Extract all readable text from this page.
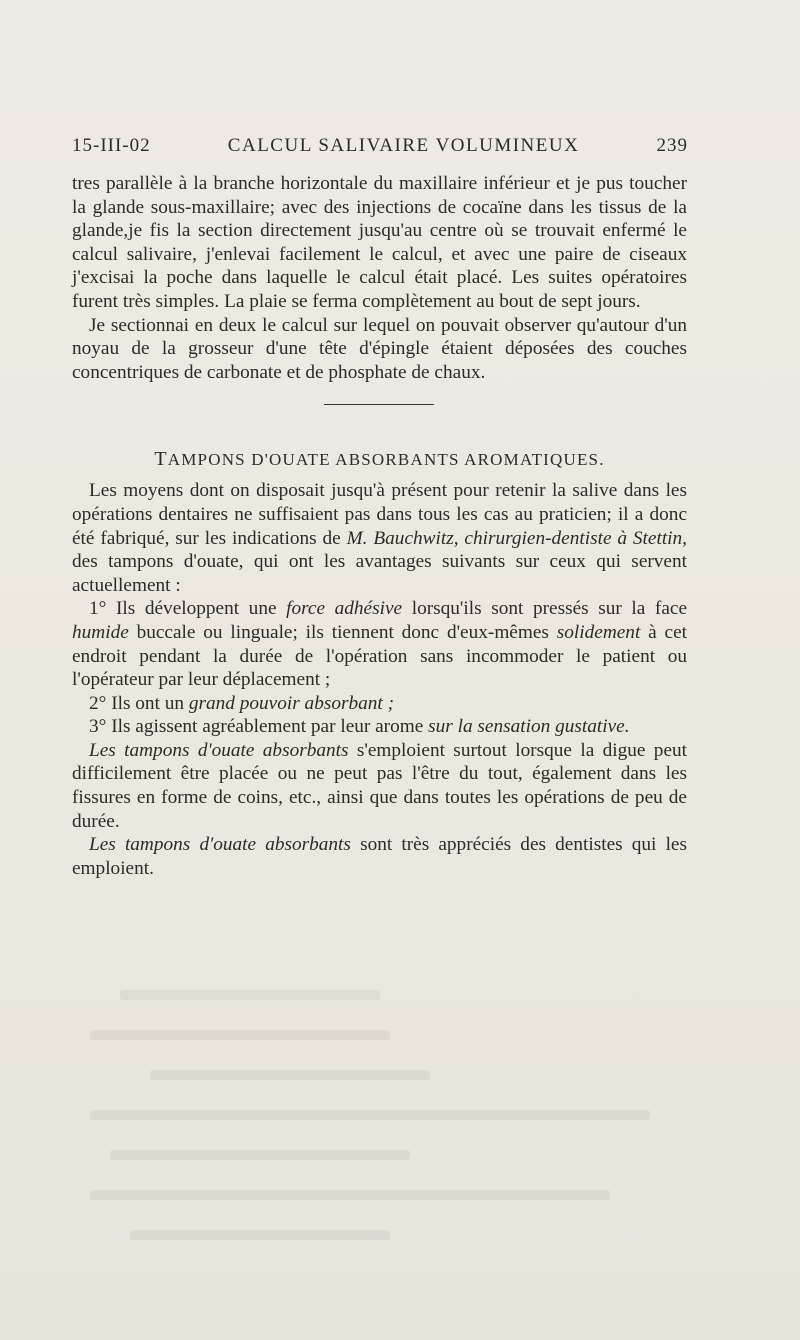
15-III-02	CALCUL SALIVAIRE VOLUMINEUX	239

tres parallèle à la branche horizontale du maxillaire inférieur et je pus toucher la glande sous-maxillaire; avec des injections de cocaïne dans les tissus de la glande,je fis la section directement jusqu'au centre où se trouvait enfermé le calcul salivaire, j'enlevai facilement le calcul, et avec une paire de ciseaux j'excisai la poche dans laquelle le calcul était placé. Les suites opératoires furent très simples. La plaie se ferma complètement au bout de sept jours.

Je sectionnai en deux le calcul sur lequel on pouvait observer qu'autour d'un noyau de la grosseur d'une tête d'épingle étaient déposées des couches concentriques de carbonate et de phosphate de chaux.

TAMPONS D'OUATE ABSORBANTS AROMATIQUES.

Les moyens dont on disposait jusqu'à présent pour retenir la salive dans les opérations dentaires ne suffisaient pas dans tous les cas au praticien; il a donc été fabriqué, sur les indications de M. Bauchwitz, chirurgien-dentiste à Stettin, des tampons d'ouate, qui ont les avantages suivants sur ceux qui servent actuellement :

1° Ils développent une force adhésive lorsqu'ils sont pressés sur la face humide buccale ou linguale; ils tiennent donc d'eux-mêmes solidement à cet endroit pendant la durée de l'opération sans incommoder le patient ou l'opérateur par leur déplacement ;

2° Ils ont un grand pouvoir absorbant ;

3° Ils agissent agréablement par leur arome sur la sensation gustative.

Les tampons d'ouate absorbants s'emploient surtout lorsque la digue peut difficilement être placée ou ne peut pas l'être du tout, également dans les fissures en forme de coins, etc., ainsi que dans toutes les opérations de peu de durée.

Les tampons d'ouate absorbants sont très appréciés des dentistes qui les emploient.
